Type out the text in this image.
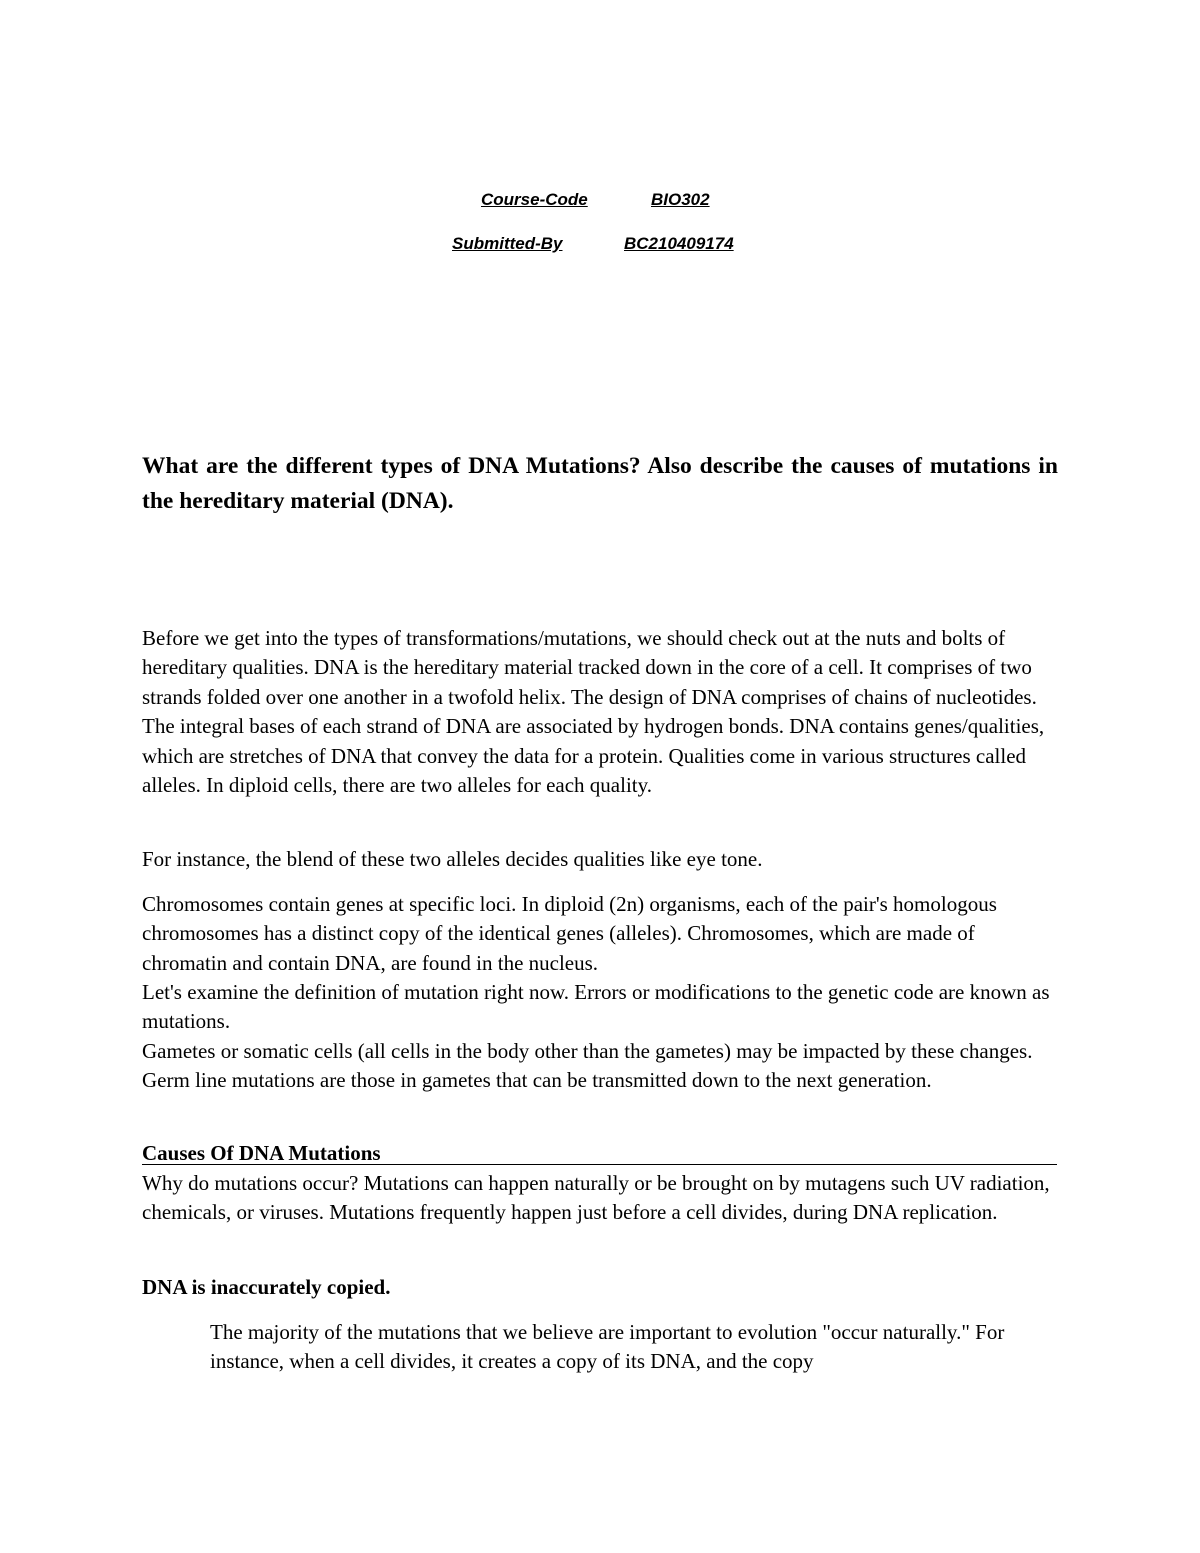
Course-Code	BIO302
Submitted-By	BC210409174
What are the different types of DNA Mutations? Also describe the causes of mutations in the hereditary material (DNA).

Before we get into the types of transformations/mutations, we should check out at the nuts and bolts of hereditary qualities. DNA is the hereditary material tracked down in the core of a cell. It comprises of two strands folded over one another in a twofold helix. The design of DNA comprises of chains of nucleotides. The integral bases of each strand of DNA are associated by hydrogen bonds. DNA contains genes/qualities, which are stretches of DNA that convey the data for a protein. Qualities come in various structures called alleles. In diploid cells, there are two alleles for each quality.

For instance, the blend of these two alleles decides qualities like eye tone.

Chromosomes contain genes at specific loci. In diploid (2n) organisms, each of the pair's homologous chromosomes has a distinct copy of the identical genes (alleles). Chromosomes, which are made of chromatin and contain DNA, are found in the nucleus.

Let's examine the definition of mutation right now. Errors or modifications to the genetic code are known as mutations.

Gametes or somatic cells (all cells in the body other than the gametes) may be impacted by these changes. Germ line mutations are those in gametes that can be transmitted down to the next generation.

Causes Of DNA Mutations

Why do mutations occur? Mutations can happen naturally or be brought on by mutagens such UV radiation, chemicals, or viruses. Mutations frequently happen just before a cell divides, during DNA replication.

DNA is inaccurately copied.

The majority of the mutations that we believe are important to evolution "occur naturally." For instance, when a cell divides, it creates a copy of its DNA, and the copy
